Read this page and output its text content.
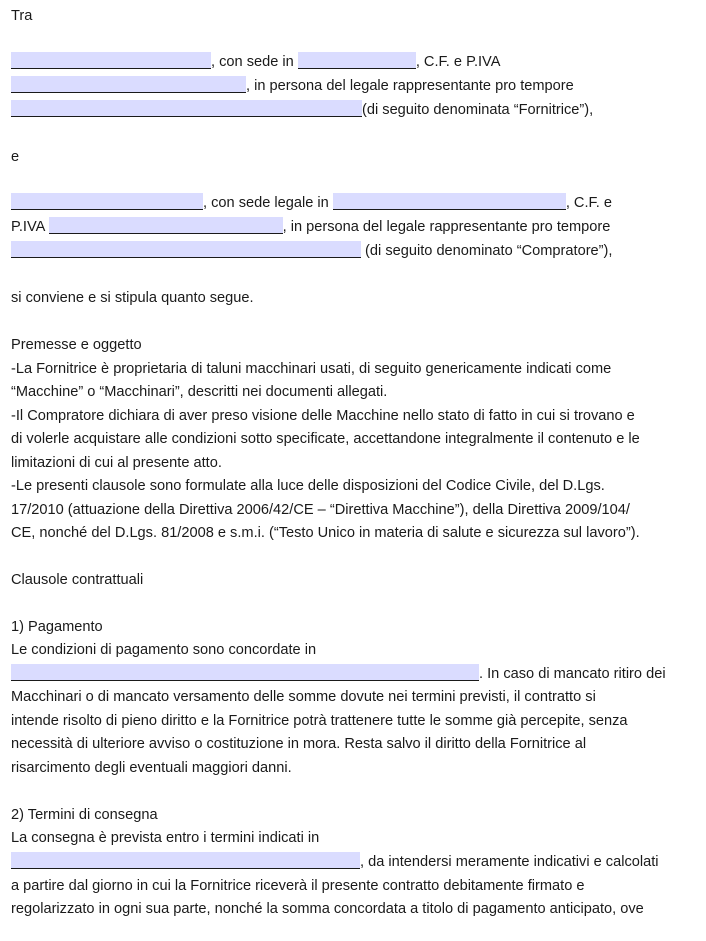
Tra
, con sede in	, C.F. e P.IVA
, in persona del legale rappresentante pro tempore
(di seguito denominata “Fornitrice”),
e
, con sede legale in	, C.F. e
P.IVA	, in persona del legale rappresentante pro tempore
(di seguito denominato “Compratore”),
si conviene e si stipula quanto segue.
Premesse e oggetto
-La Fornitrice è proprietaria di taluni macchinari usati, di seguito genericamente indicati come
“Macchine” o “Macchinari”, descritti nei documenti allegati.
-Il Compratore dichiara di aver preso visione delle Macchine nello stato di fatto in cui si trovano e
di volerle acquistare alle condizioni sotto specificate, accettandone integralmente il contenuto e le
limitazioni di cui al presente atto.
-Le presenti clausole sono formulate alla luce delle disposizioni del Codice Civile, del D.Lgs.
17/2010 (attuazione della Direttiva 2006/42/CE – “Direttiva Macchine”), della Direttiva 2009/104/
CE, nonché del D.Lgs. 81/2008 e s.m.i. (“Testo Unico in materia di salute e sicurezza sul lavoro”).
Clausole contrattuali
1) Pagamento
Le condizioni di pagamento sono concordate in
. In caso di mancato ritiro dei
Macchinari o di mancato versamento delle somme dovute nei termini previsti, il contratto si
intende risolto di pieno diritto e la Fornitrice potrà trattenere tutte le somme già percepite, senza
necessità di ulteriore avviso o costituzione in mora. Resta salvo il diritto della Fornitrice al
risarcimento degli eventuali maggiori danni.
2) Termini di consegna
La consegna è prevista entro i termini indicati in
, da intendersi meramente indicativi e calcolati
a partire dal giorno in cui la Fornitrice riceverà il presente contratto debitamente firmato e
regolarizzato in ogni sua parte, nonché la somma concordata a titolo di pagamento anticipato, ove
